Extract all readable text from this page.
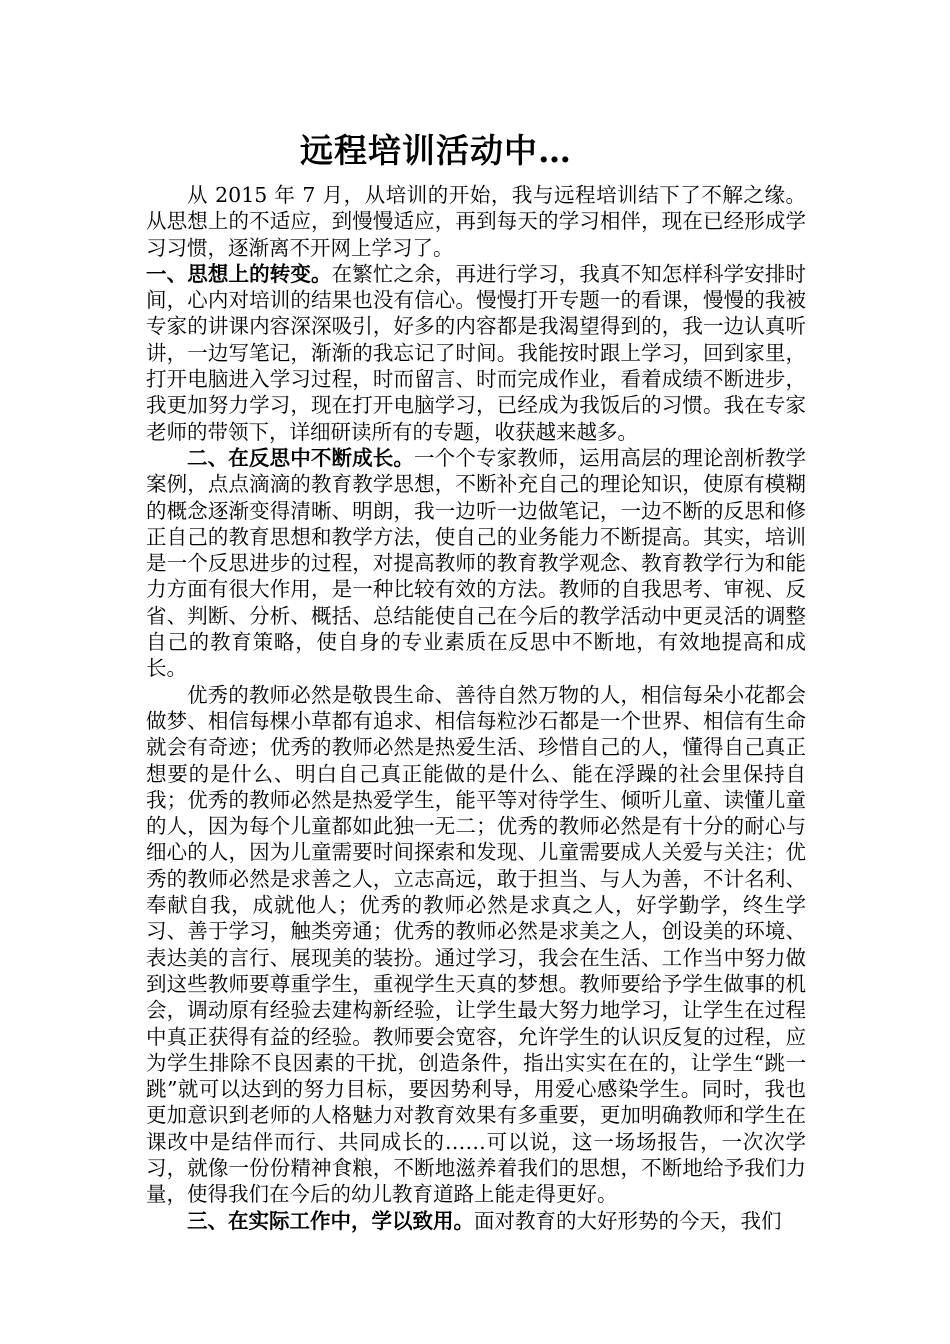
远程培训活动中…

从 2015 年 7 月，从培训的开始，我与远程培训结下了不解之缘。从思想上的不适应，到慢慢适应，再到每天的学习相伴，现在已经形成学习习惯，逐渐离不开网上学习了。

一、思想上的转变。在繁忙之余，再进行学习，我真不知怎样科学安排时间，心内对培训的结果也没有信心。慢慢打开专题一的看课，慢慢的我被专家的讲课内容深深吸引，好多的内容都是我渴望得到的，我一边认真听讲，一边写笔记，渐渐的我忘记了时间。我能按时跟上学习，回到家里，打开电脑进入学习过程，时而留言、时而完成作业，看着成绩不断进步，我更加努力学习，现在打开电脑学习，已经成为我饭后的习惯。我在专家老师的带领下，详细研读所有的专题，收获越来越多。

二、在反思中不断成长。一个个专家教师，运用高层的理论剖析教学案例，点点滴滴的教育教学思想，不断补充自己的理论知识，使原有模糊的概念逐渐变得清晰、明朗，我一边听一边做笔记，一边不断的反思和修正自己的教育思想和教学方法，使自己的业务能力不断提高。其实，培训是一个反思进步的过程，对提高教师的教育教学观念、教育教学行为和能力方面有很大作用，是一种比较有效的方法。教师的自我思考、审视、反省、判断、分析、概括、总结能使自己在今后的教学活动中更灵活的调整自己的教育策略，使自身的专业素质在反思中不断地，有效地提高和成长。

优秀的教师必然是敬畏生命、善待自然万物的人，相信每朵小花都会做梦、相信每棵小草都有追求、相信每粒沙石都是一个世界、相信有生命就会有奇迹；优秀的教师必然是热爱生活、珍惜自己的人，懂得自己真正想要的是什么、明白自己真正能做的是什么、能在浮躁的社会里保持自我；优秀的教师必然是热爱学生，能平等对待学生、倾听儿童、读懂儿童的人，因为每个儿童都如此独一无二；优秀的教师必然是有十分的耐心与细心的人，因为儿童需要时间探索和发现、儿童需要成人关爱与关注；优秀的教师必然是求善之人，立志高远，敢于担当、与人为善，不计名利、奉献自我，成就他人；优秀的教师必然是求真之人，好学勤学，终生学习、善于学习，触类旁通；优秀的教师必然是求美之人，创设美的环境、表达美的言行、展现美的装扮。通过学习，我会在生活、工作当中努力做到这些教师要尊重学生，重视学生天真的梦想。教师要给予学生做事的机会，调动原有经验去建构新经验，让学生最大努力地学习，让学生在过程中真正获得有益的经验。教师要会宽容，允许学生的认识反复的过程，应为学生排除不良因素的干扰，创造条件，指出实实在在的，让学生“跳一跳”就可以达到的努力目标，要因势利导，用爱心感染学生。同时，我也更加意识到老师的人格魅力对教育效果有多重要，更加明确教师和学生在课改中是结伴而行、共同成长的……可以说，这一场场报告，一次次学习，就像一份份精神食粮，不断地滋养着我们的思想，不断地给予我们力量，使得我们在今后的幼儿教育道路上能走得更好。

三、在实际工作中，学以致用。面对教育的大好形势的今天，我们
